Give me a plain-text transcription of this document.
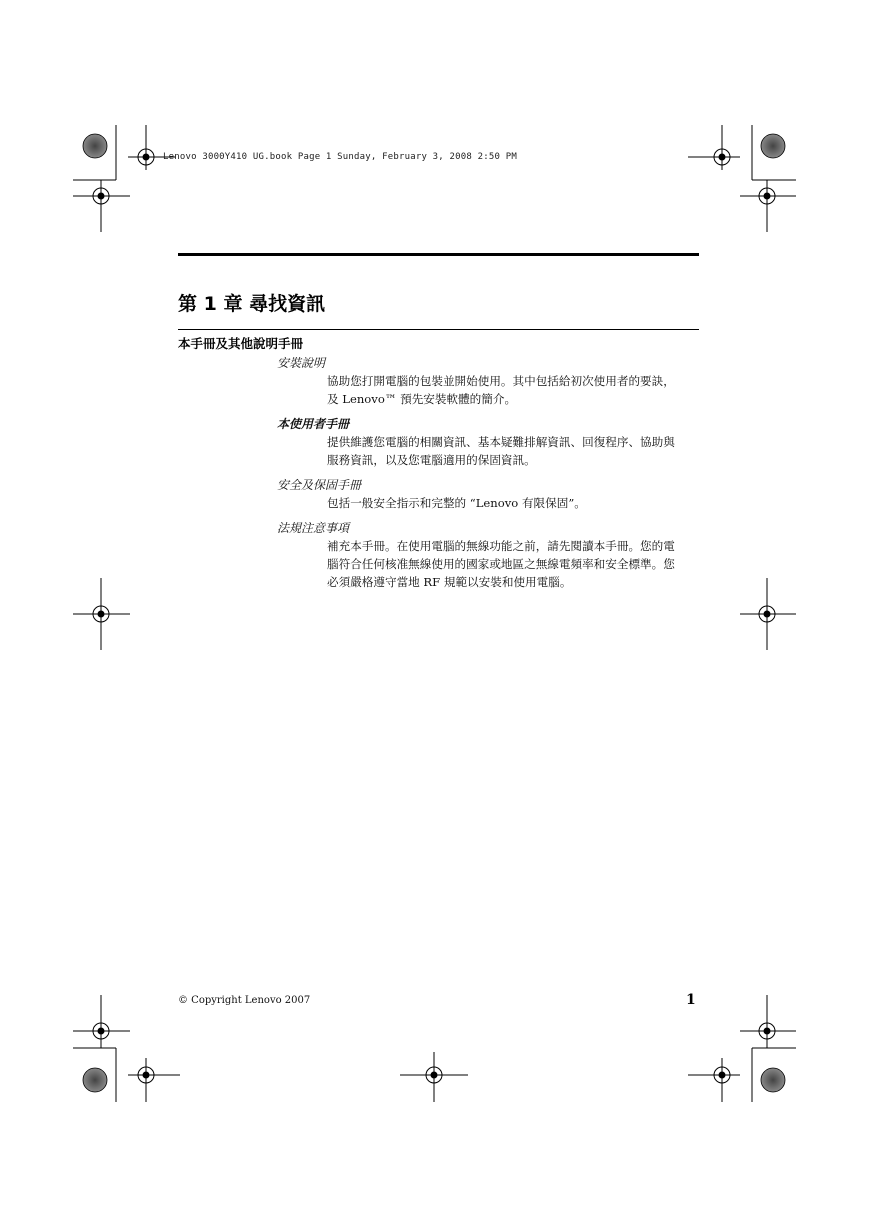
Lenovo 3000Y410 UG.book Page 1 Sunday, February 3, 2008 2:50 PM
第 1 章 尋找資訊
本手冊及其他說明手冊
安裝說明
協助您打開電腦的包裝並開始使用。其中包括給初次使用者的要訣，
及 Lenovo™ 預先安裝軟體的簡介。
本使用者手冊
提供維護您電腦的相關資訊、基本疑難排解資訊、回復程序、協助與
服務資訊，以及您電腦適用的保固資訊。
安全及保固手冊
包括一般安全指示和完整的 “Lenovo 有限保固”。
法規注意事項
補充本手冊。在使用電腦的無線功能之前，請先閱讀本手冊。您的電
腦符合任何核准無線使用的國家或地區之無線電頻率和安全標準。您
必須嚴格遵守當地 RF 規範以安裝和使用電腦。
© Copyright Lenovo 2007	1
